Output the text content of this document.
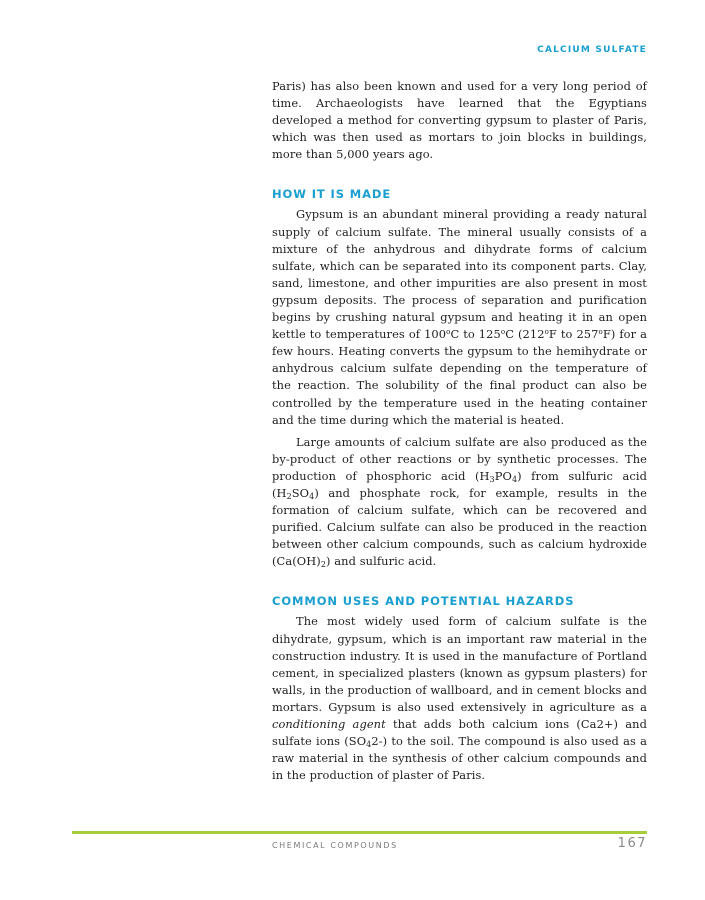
CALCIUM SULFATE

Paris) has also been known and used for a very long period of time. Archaeologists have learned that the Egyptians developed a method for converting gypsum to plaster of Paris, which was then used as mortars to join blocks in buildings, more than 5,000 years ago.

HOW IT IS MADE

Gypsum is an abundant mineral providing a ready natural supply of calcium sulfate. The mineral usually consists of a mixture of the anhydrous and dihydrate forms of calcium sulfate, which can be separated into its component parts. Clay, sand, limestone, and other impurities are also present in most gypsum deposits. The process of separation and purification begins by crushing natural gypsum and heating it in an open kettle to temperatures of 100$^o$C to 125$^o$C (212$^o$F to 257$^o$F) for a few hours. Heating converts the gypsum to the hemihydrate or anhydrous calcium sulfate depending on the temperature of the reaction. The solubility of the final product can also be controlled by the temperature used in the heating container and the time during which the material is heated.

Large amounts of calcium sulfate are also produced as the by-product of other reactions or by synthetic processes. The production of phosphoric acid $(H_3PO_4)$ from sulfuric acid $(H_2SO_4)$ and phosphate rock, for example, results in the formation of calcium sulfate, which can be recovered and purified. Calcium sulfate can also be produced in the reaction between other calcium compounds, such as calcium hydroxide $(Ca(OH)_2)$ and sulfuric acid.

COMMON USES AND POTENTIAL HAZARDS

The most widely used form of calcium sulfate is the dihydrate, gypsum, which is an important raw material in the construction industry. It is used in the manufacture of Portland cement, in specialized plasters (known as gypsum plasters) for walls, in the production of wallboard, and in cement blocks and mortars. Gypsum is also used extensively in agriculture as a conditioning agent that adds both calcium ions (Ca2+) and sulfate ions $(SO_42-)$ to the soil. The compound is also used as a raw material in the synthesis of other calcium compounds and in the production of plaster of Paris.

CHEMICAL COMPOUNDS	167
